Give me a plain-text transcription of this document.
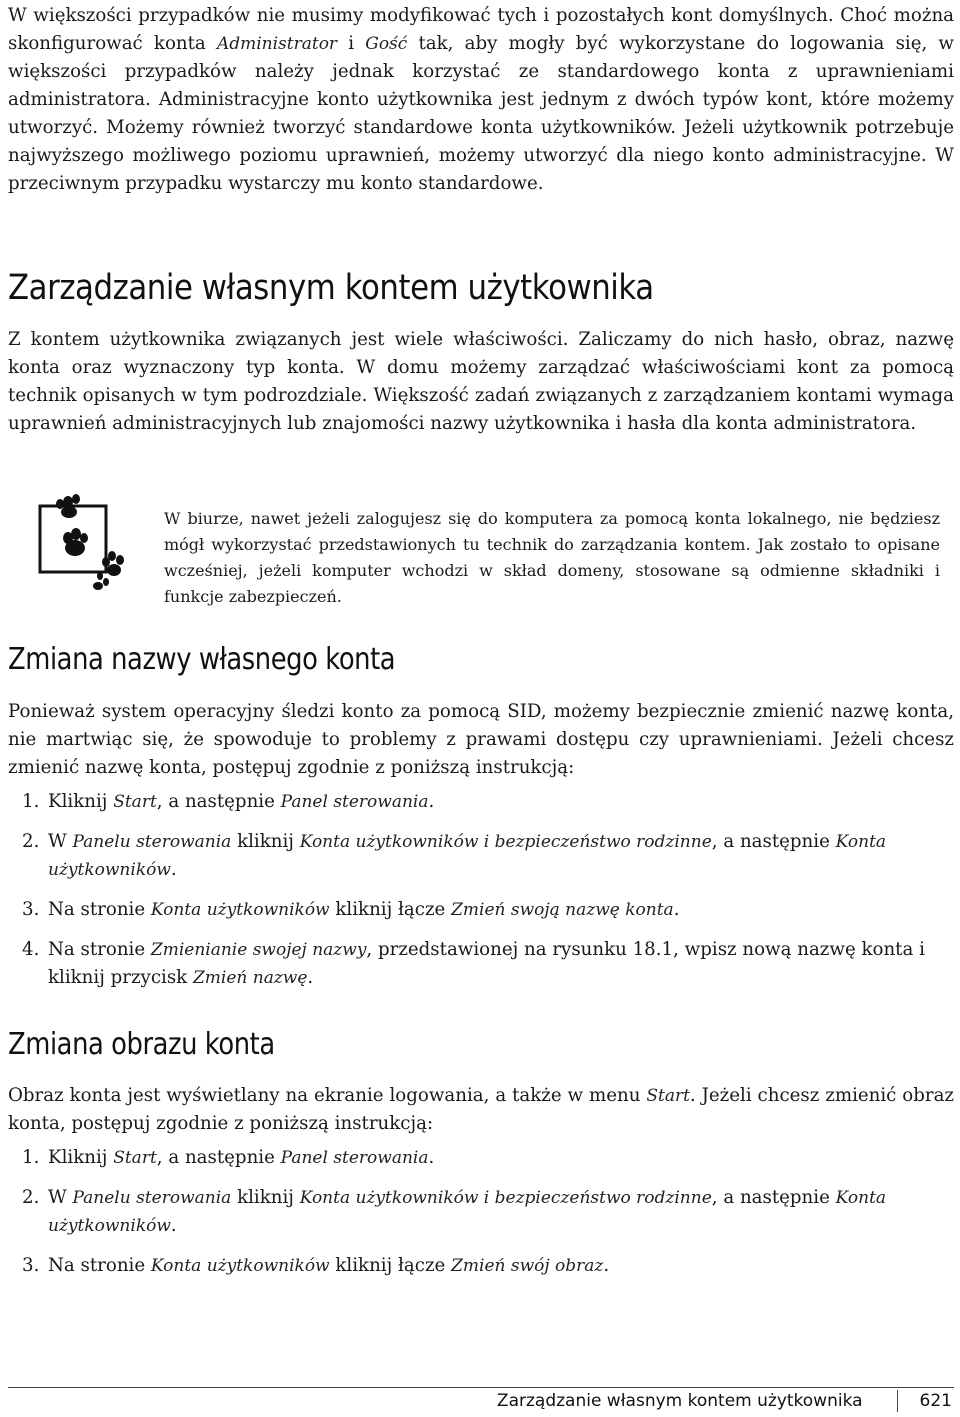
W większości przypadków nie musimy modyfikować tych i pozostałych kont domyślnych. Choć można skonfigurować konta Administrator i Gość tak, aby mogły być wykorzystane do logowania się, w większości przypadków należy jednak korzystać ze standardowego konta z uprawnieniami administratora. Administracyjne konto użytkownika jest jednym z dwóch typów kont, które możemy utworzyć. Możemy również tworzyć standardowe konta użytkowników. Jeżeli użytkownik potrzebuje najwyższego możliwego poziomu uprawnień, możemy utworzyć dla niego konto administracyjne. W przeciwnym przypadku wystarczy mu konto standardowe.

Zarządzanie własnym kontem użytkownika

Z kontem użytkownika związanych jest wiele właściwości. Zaliczamy do nich hasło, obraz, nazwę konta oraz wyznaczony typ konta. W domu możemy zarządzać właściwościami kont za pomocą technik opisanych w tym podrozdziale. Większość zadań związanych z zarządzaniem kontami wymaga uprawnień administracyjnych lub znajomości nazwy użytkownika i hasła dla konta administratora.

W biurze, nawet jeżeli zalogujesz się do komputera za pomocą konta lokalnego, nie będziesz mógł wykorzystać przedstawionych tu technik do zarządzania kontem. Jak zostało to opisane wcześniej, jeżeli komputer wchodzi w skład domeny, stosowane są odmienne składniki i funkcje zabezpieczeń.
Zmiana nazwy własnego konta

Ponieważ system operacyjny śledzi konto za pomocą SID, możemy bezpiecznie zmienić nazwę konta, nie martwiąc się, że spowoduje to problemy z prawami dostępu czy uprawnieniami. Jeżeli chcesz zmienić nazwę konta, postępuj zgodnie z poniższą instrukcją:

1. Kliknij Start, a następnie Panel sterowania.
2. W Panelu sterowania kliknij Konta użytkowników i bezpieczeństwo rodzinne, a następnie Konta użytkowników.
3. Na stronie Konta użytkowników kliknij łącze Zmień swoją nazwę konta.
4. Na stronie Zmienianie swojej nazwy, przedstawionej na rysunku 18.1, wpisz nową nazwę konta i kliknij przycisk Zmień nazwę.
Zmiana obrazu konta

Obraz konta jest wyświetlany na ekranie logowania, a także w menu Start. Jeżeli chcesz zmienić obraz konta, postępuj zgodnie z poniższą instrukcją:

1. Kliknij Start, a następnie Panel sterowania.
2. W Panelu sterowania kliknij Konta użytkowników i bezpieczeństwo rodzinne, a następnie Konta użytkowników.
3. Na stronie Konta użytkowników kliknij łącze Zmień swój obraz.
Zarządzanie własnym kontem użytkownika	621
